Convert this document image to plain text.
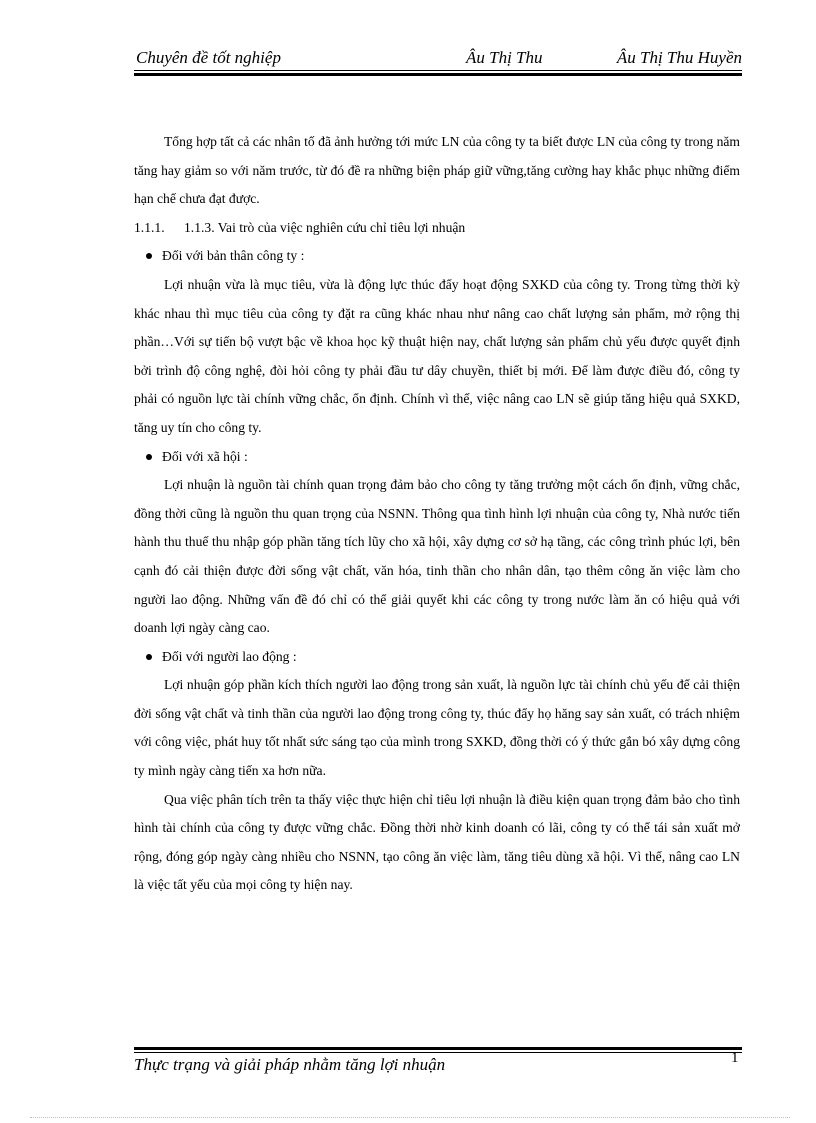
Chuyên đề tốt nghiệp	Âu Thị Thu	Âu Thị Thu Huyền

Tổng hợp tất cả các nhân tố đã ảnh hưởng tới mức LN của công ty ta biết được LN của công ty trong năm tăng hay giảm so với năm trước, từ đó đề ra những biện pháp giữ vững,tăng cường hay khắc phục những điểm hạn chế chưa đạt được.

1.1.1. 1.1.3. Vai trò của việc nghiên cứu chỉ tiêu lợi nhuận

Đối với bản thân công ty :

Lợi nhuận vừa là mục tiêu, vừa là động lực thúc đẩy hoạt động SXKD của công ty. Trong từng thời kỳ khác nhau thì mục tiêu của công ty đặt ra cũng khác nhau như nâng cao chất lượng sản phẩm, mở rộng thị phần…Với sự tiến bộ vượt bậc về khoa học kỹ thuật hiện nay, chất lượng sản phẩm chủ yếu được quyết định bởi trình độ công nghệ, đòi hỏi công ty phải đầu tư dây chuyền, thiết bị mới. Để làm được điều đó, công ty phải có nguồn lực tài chính vững chắc, ổn định. Chính vì thế, việc nâng cao LN sẽ giúp tăng hiệu quả SXKD, tăng uy tín cho công ty.

Đối với xã hội :

Lợi nhuận là nguồn tài chính quan trọng đảm bảo cho công ty tăng trưởng một cách ổn định, vững chắc, đồng thời cũng là nguồn thu quan trọng của NSNN. Thông qua tình hình lợi nhuận của công ty, Nhà nước tiến hành thu thuế thu nhập góp phần tăng tích lũy cho xã hội, xây dựng cơ sở hạ tầng, các công trình phúc lợi, bên cạnh đó cải thiện được đời sống vật chất, văn hóa, tinh thần cho nhân dân, tạo thêm công ăn việc làm cho người lao động. Những vấn đề đó chỉ có thể giải quyết khi các công ty trong nước làm ăn có hiệu quả với doanh lợi ngày càng cao.

Đối với người lao động :

Lợi nhuận góp phần kích thích người lao động trong sản xuất, là nguồn lực tài chính chủ yếu để cải thiện đời sống vật chất và tinh thần của người lao động trong công ty, thúc đẩy họ hăng say sản xuất, có trách nhiệm với công việc, phát huy tốt nhất sức sáng tạo của mình trong SXKD, đồng thời có ý thức gắn bó xây dựng công ty mình ngày càng tiến xa hơn nữa.

Qua việc phân tích trên ta thấy việc thực hiện chỉ tiêu lợi nhuận là điều kiện quan trọng đảm bảo cho tình hình tài chính của công ty được vững chắc. Đồng thời nhờ kinh doanh có lãi, công ty có thể tái sản xuất mở rộng, đóng góp ngày càng nhiều cho NSNN, tạo công ăn việc làm, tăng tiêu dùng xã hội. Vì thế, nâng cao LN là việc tất yếu của mọi công ty hiện nay.

Thực trạng và giải pháp nhằm tăng lợi nhuận	1
